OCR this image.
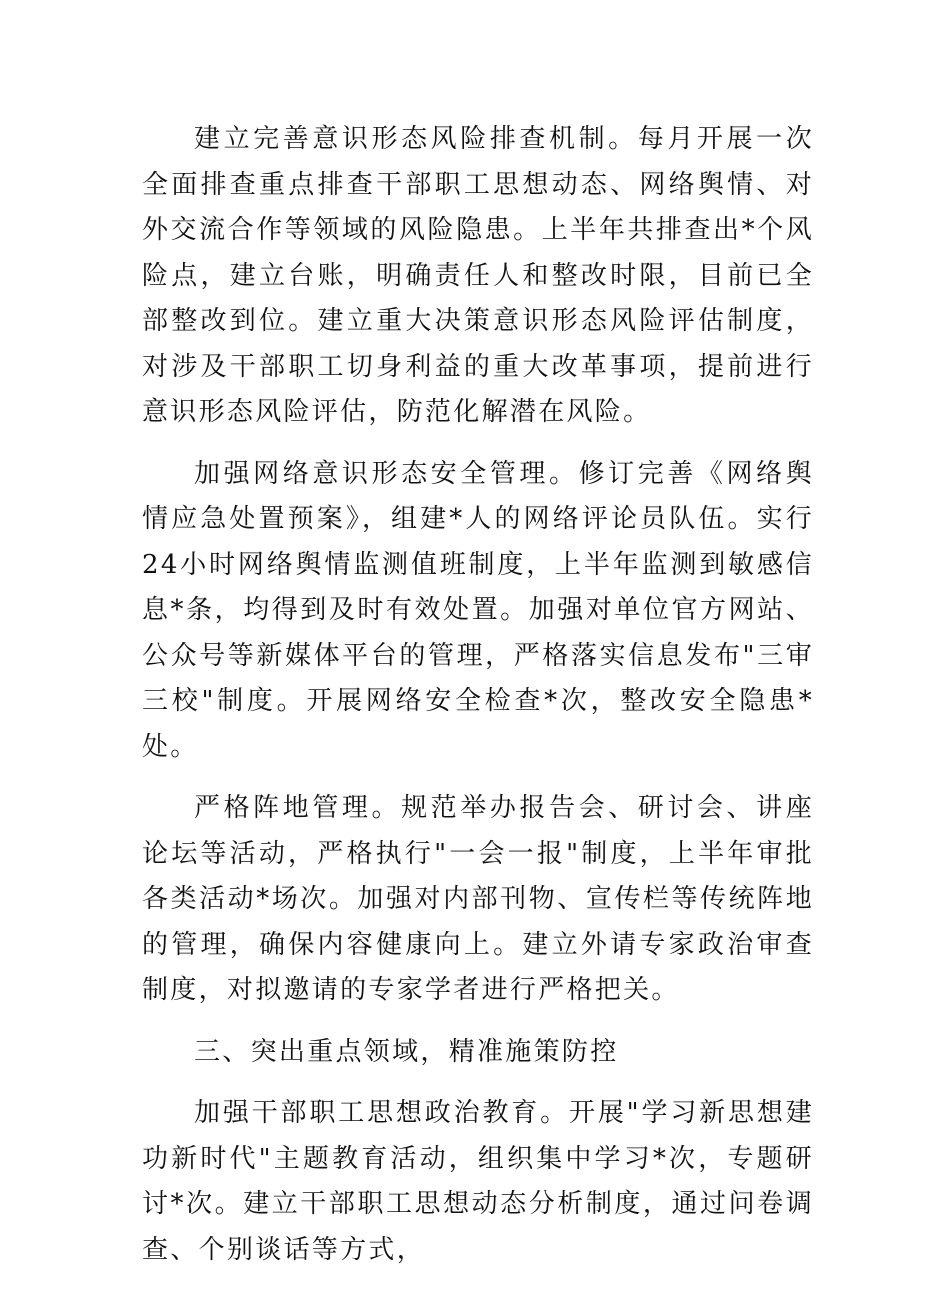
建立完善意识形态风险排查机制。每月开展一次全面排查重点排查干部职工思想动态、网络舆情、对外交流合作等领域的风险隐患。上半年共排查出*个风险点，建立台账，明确责任人和整改时限，目前已全部整改到位。建立重大决策意识形态风险评估制度，对涉及干部职工切身利益的重大改革事项，提前进行意识形态风险评估，防范化解潜在风险。

加强网络意识形态安全管理。修订完善《网络舆情应急处置预案》，组建*人的网络评论员队伍。实行24小时网络舆情监测值班制度，上半年监测到敏感信息*条，均得到及时有效处置。加强对单位官方网站、公众号等新媒体平台的管理，严格落实信息发布"三审三校"制度。开展网络安全检查*次，整改安全隐患*处。

严格阵地管理。规范举办报告会、研讨会、讲座论坛等活动，严格执行"一会一报"制度，上半年审批各类活动*场次。加强对内部刊物、宣传栏等传统阵地的管理，确保内容健康向上。建立外请专家政治审查制度，对拟邀请的专家学者进行严格把关。

三、突出重点领域，精准施策防控

加强干部职工思想政治教育。开展"学习新思想建功新时代"主题教育活动，组织集中学习*次，专题研讨*次。建立干部职工思想动态分析制度，通过问卷调查、个别谈话等方式，
